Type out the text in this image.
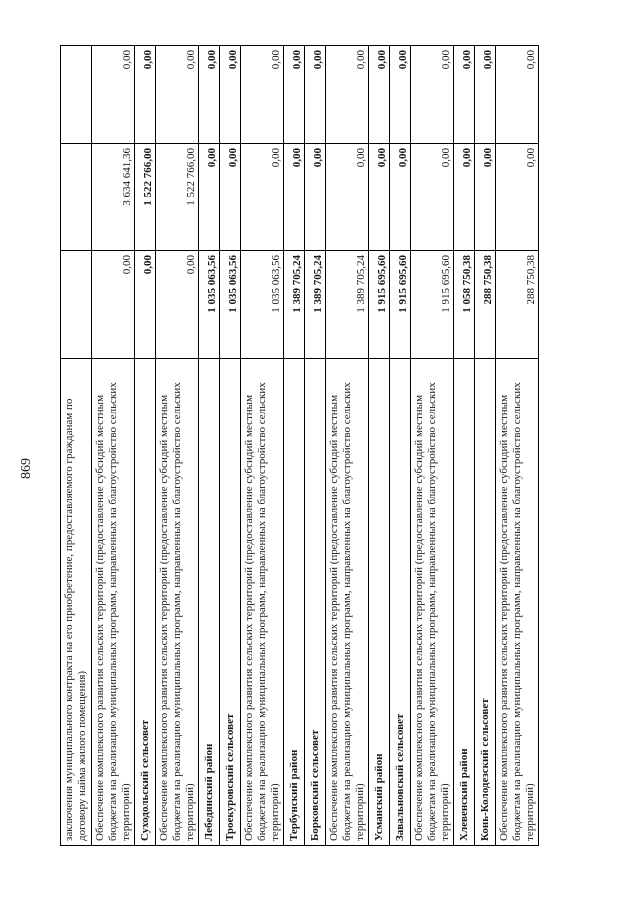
869	заключения муниципального контракта на его приобретение, предоставляемого гражданам по договору найма жилого помещения)			
Обеспечение комплексного развития сельских территорий (предоставление субсидий местным бюджетам на реализацию муниципальных программ, направленных на благоустройство сельских территорий)	0,00	3 634 641,36	0,00
Суходольский сельсовет	0,00	1 522 766,00	0,00
Обеспечение комплексного развития сельских территорий (предоставление субсидий местным бюджетам на реализацию муниципальных программ, направленных на благоустройство сельских территорий)	0,00	1 522 766,00	0,00
Лебедянский район	1 035 063,56	0,00	0,00
Троекуровский сельсовет	1 035 063,56	0,00	0,00
Обеспечение комплексного развития сельских территорий (предоставление субсидий местным бюджетам на реализацию муниципальных программ, направленных на благоустройство сельских территорий)	1 035 063,56	0,00	0,00
Тербунский район	1 389 705,24	0,00	0,00
Борковский сельсовет	1 389 705,24	0,00	0,00
Обеспечение комплексного развития сельских территорий (предоставление субсидий местным бюджетам на реализацию муниципальных программ, направленных на благоустройство сельских территорий)	1 389 705,24	0,00	0,00
Усманский район	1 915 695,60	0,00	0,00
Завальновский сельсовет	1 915 695,60	0,00	0,00
Обеспечение комплексного развития сельских территорий (предоставление субсидий местным бюджетам на реализацию муниципальных программ, направленных на благоустройство сельских территорий)	1 915 695,60	0,00	0,00
Хлевенский район	1 058 750,38	0,00	0,00
Конь-Колодезский сельсовет	288 750,38	0,00	0,00
Обеспечение комплексного развития сельских территорий (предоставление субсидий местным бюджетам на реализацию муниципальных программ, направленных на благоустройство сельских территорий)	288 750,38	0,00	0,00
